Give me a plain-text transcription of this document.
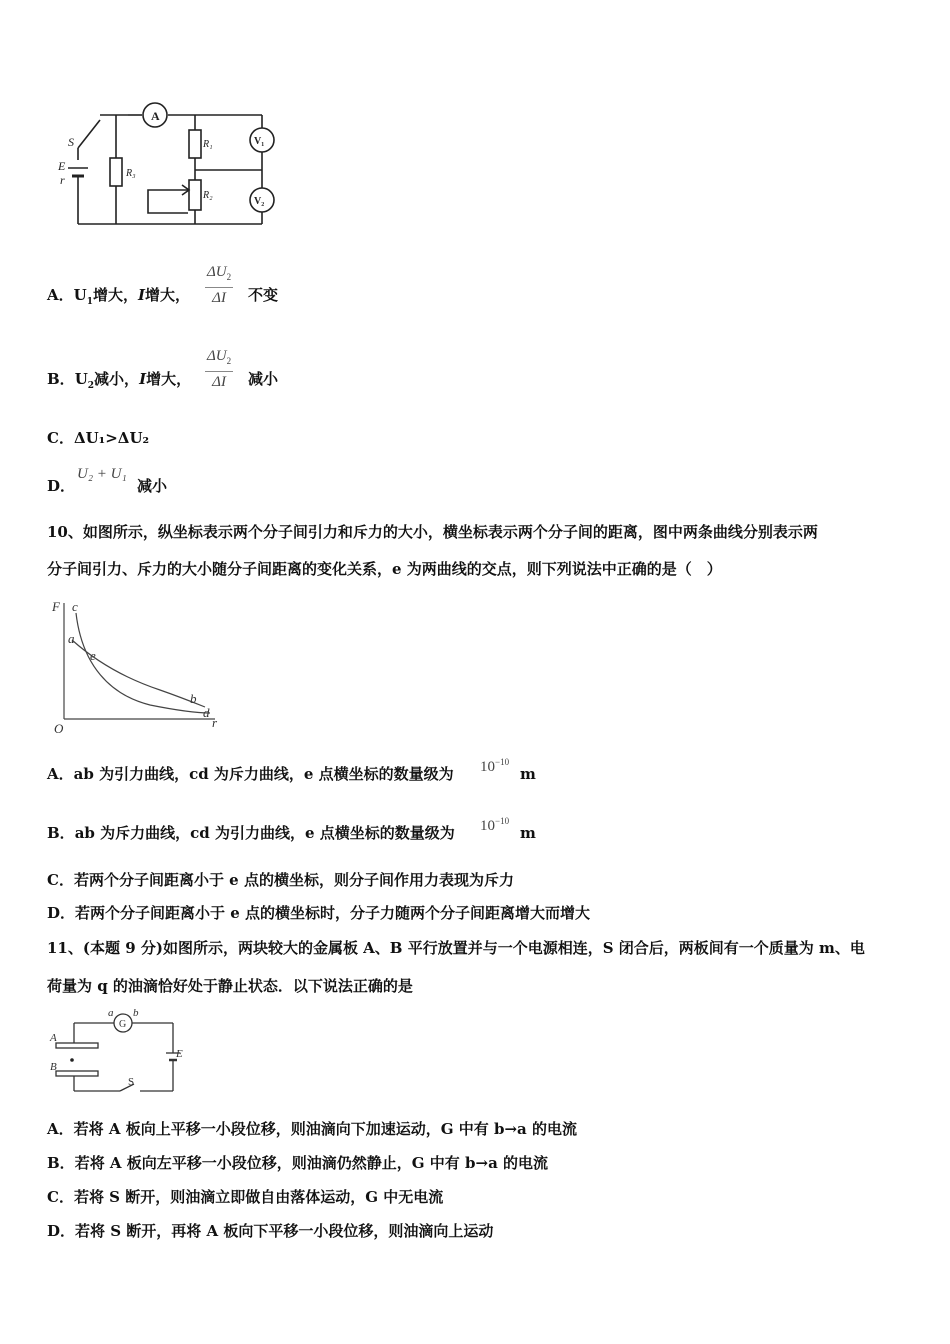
A
S
E
r	R₃
R₁
R₂
V₁
V₂
A．$U_1$增大，I增大， $\frac{\Delta U_2}{\Delta I}$ 不变
B．$U_2$减小，I增大， $\frac{\Delta U_2}{\Delta I}$ 减小
C．ΔU₁>ΔU₂
D．
U₂ + U₁
减小
10、如图所示，纵坐标表示两个分子间引力和斥力的大小，横坐标表示两个分子间的距离，图中两条曲线分别表示两
分子间引力、斥力的大小随分子间距离的变化关系，e 为两曲线的交点，则下列说法中正确的是（　）
F c
a
e
b
d
O	r
A．ab 为引力曲线，cd 为斥力曲线，e 点横坐标的数量级为 $10^{-10}$
m
B．ab 为斥力曲线，cd 为引力曲线，e 点横坐标的数量级为 $10^{-10}$
m
C．若两个分子间距离小于 e 点的横坐标，则分子间作用力表现为斥力
D．若两个分子间距离小于 e 点的横坐标时，分子力随两个分子间距离增大而增大
11、(本题 9 分)如图所示，两块较大的金属板 A、B 平行放置并与一个电源相连，S 闭合后，两板间有一个质量为 m、电
荷量为 q 的油滴恰好处于静止状态．以下说法正确的是
a
G
b
A
B
E
S
A．若将 A 板向上平移一小段位移，则油滴向下加速运动，G 中有 b→a 的电流
B．若将 A 板向左平移一小段位移，则油滴仍然静止，G 中有 b→a 的电流
C．若将 S 断开，则油滴立即做自由落体运动，G 中无电流
D．若将 S 断开，再将 A 板向下平移一小段位移，则油滴向上运动
